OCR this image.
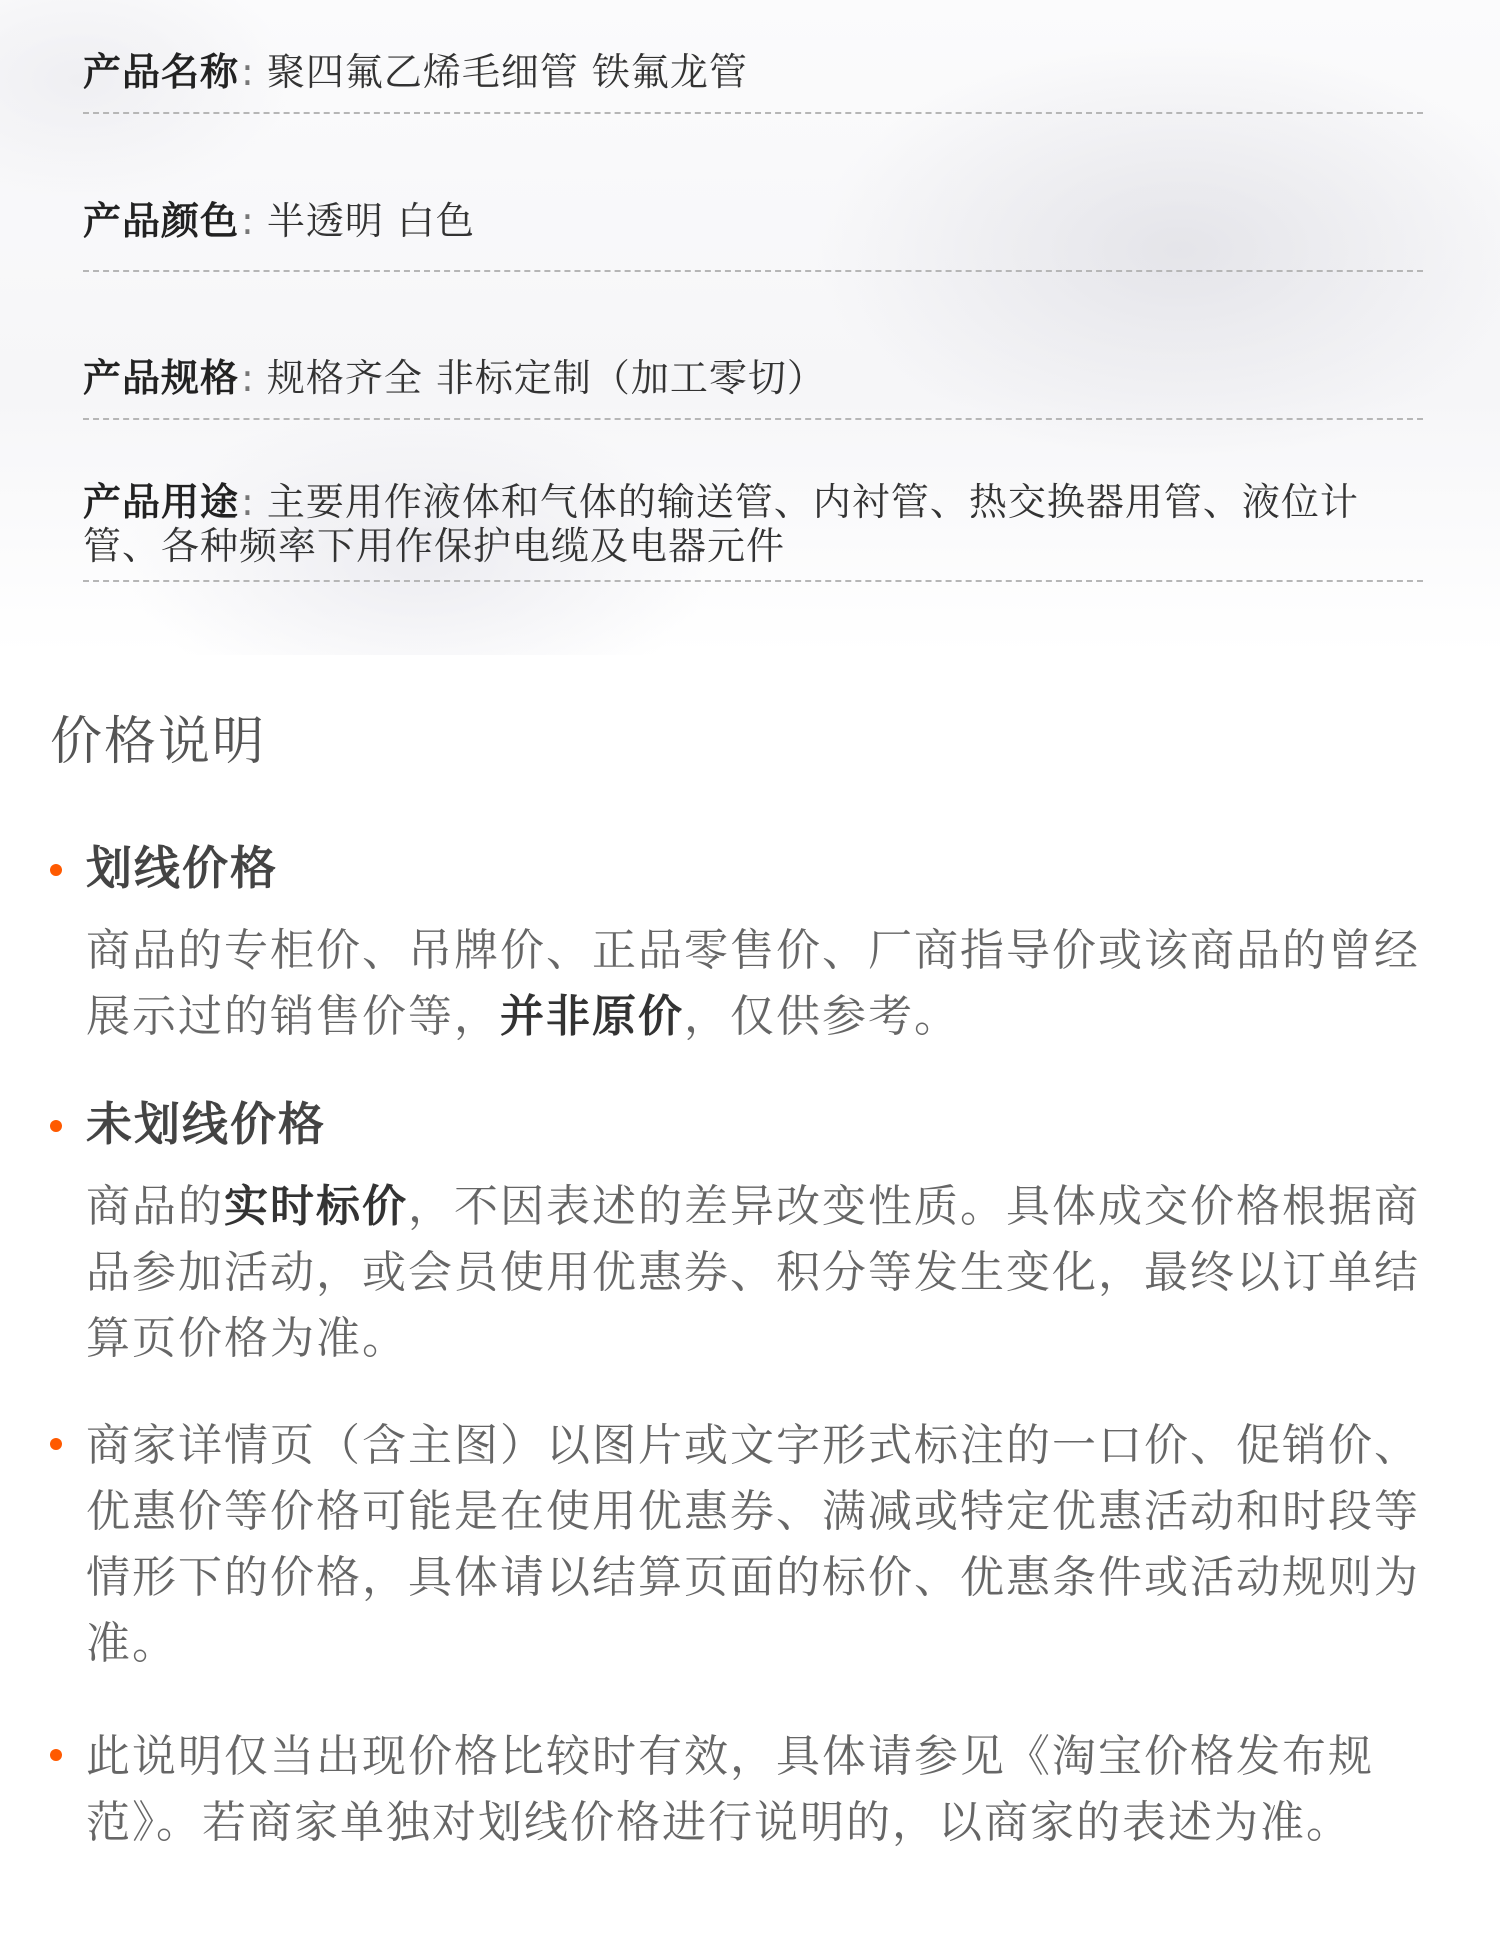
产品名称: 聚四氟乙烯毛细管 铁氟龙管
产品颜色: 半透明 白色
产品规格: 规格齐全 非标定制（加工零切）
产品用途: 主要用作液体和气体的输送管、内衬管、热交换器用管、液位计管、各种频率下用作保护电缆及电器元件
价格说明
划线价格
商品的专柜价、吊牌价、正品零售价、厂商指导价或该商品的曾经展示过的销售价等，并非原价，仅供参考。
未划线价格
商品的实时标价，不因表述的差异改变性质。具体成交价格根据商品参加活动，或会员使用优惠券、积分等发生变化，最终以订单结算页价格为准。
商家详情页（含主图）以图片或文字形式标注的一口价、促销价、优惠价等价格可能是在使用优惠券、满减或特定优惠活动和时段等情形下的价格，具体请以结算页面的标价、优惠条件或活动规则为准。
此说明仅当出现价格比较时有效，具体请参见《淘宝价格发布规范》。若商家单独对划线价格进行说明的，以商家的表述为准。
